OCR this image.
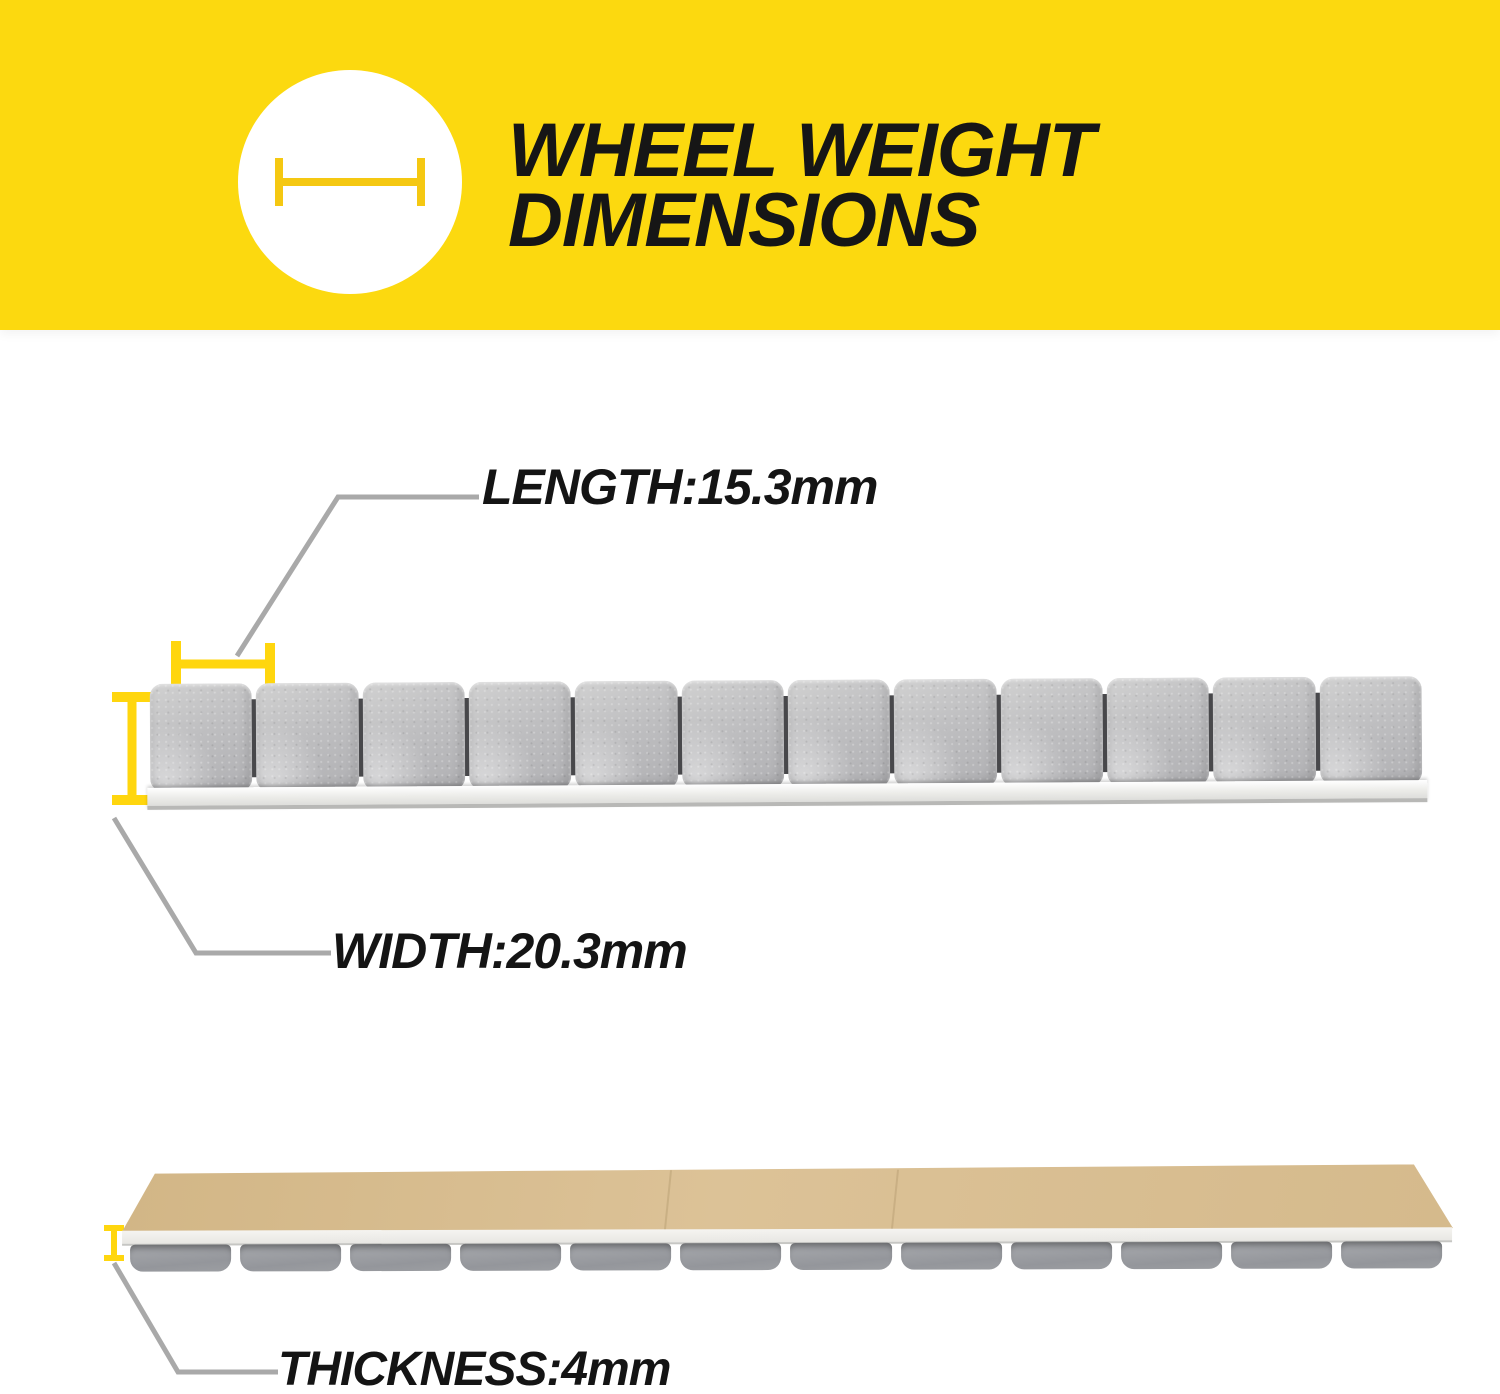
WHEEL WEIGHT
DIMENSIONS
LENGTH:15.3mm
WIDTH:20.3mm
THICKNESS:4mm
